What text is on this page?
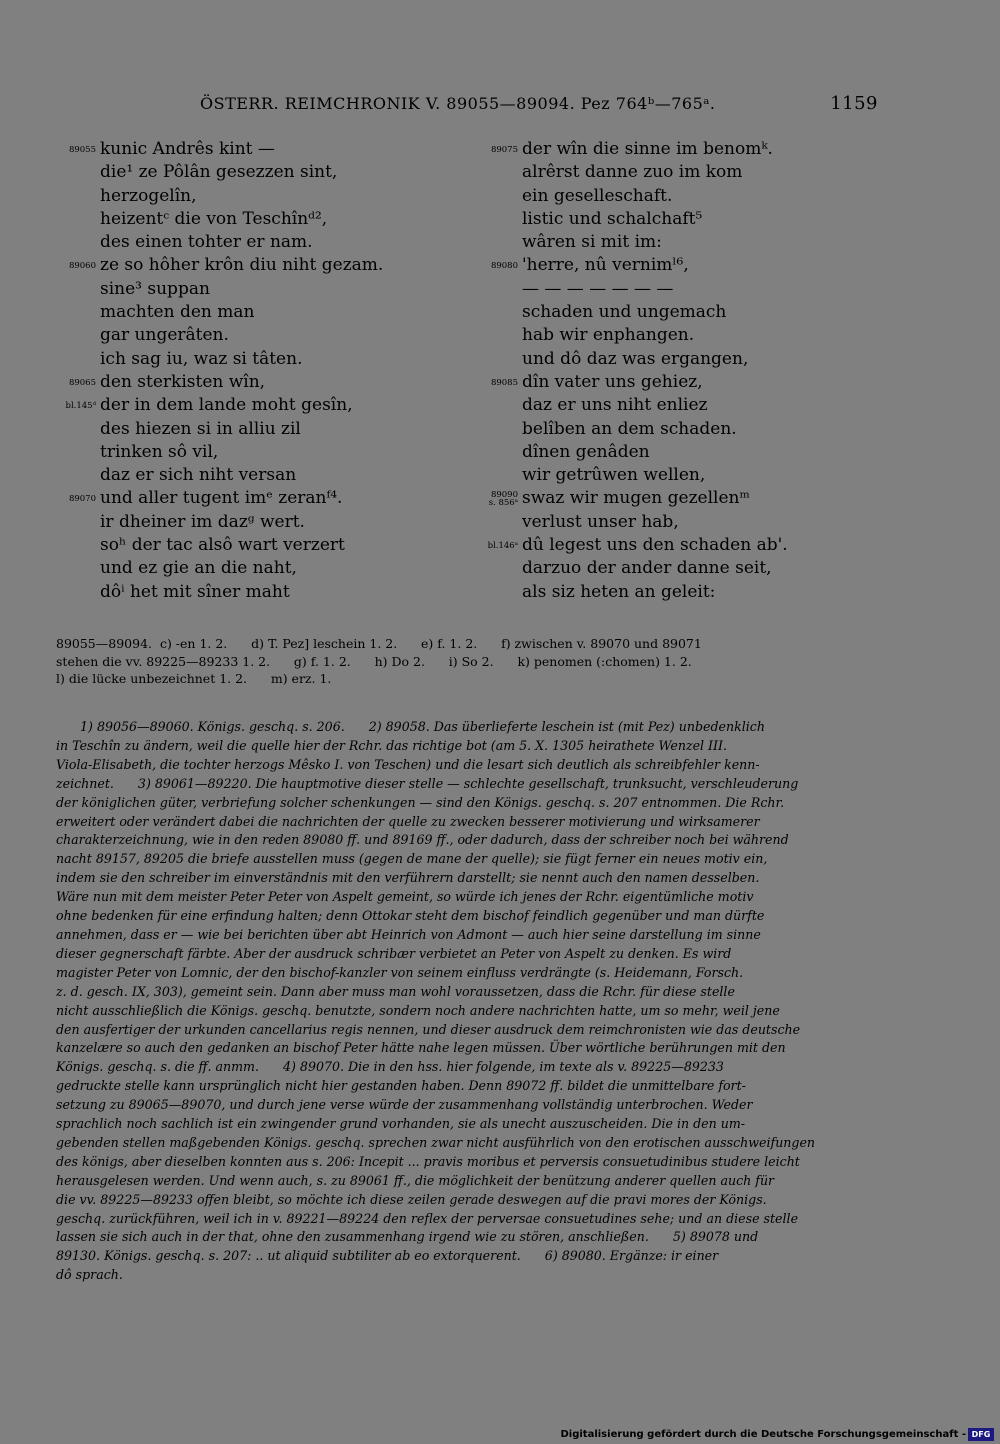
ÖSTERR. REIMCHRONIK V. 89055—89094. Pez 764ᵇ—765ᵃ.	1159
89055 kunic Andrês kint —
die¹ ze Pôlân gesezzen sint,
herzogelîn,
heizentᶜ die von Teschînᵈ²,
des einen tohter er nam.
89060 ze so hôher krôn diu niht gezam.
sine³ suppan
machten den man
gar ungerâten.
ich sag iu, waz si tâten.
89065 den sterkisten wîn,
bl.145ᵈ der in dem lande moht gesîn,
des hiezen si in alliu zil
trinken sô vil,
daz er sich niht versan
89070 und aller tugent imᵉ zeranᶠ⁴.
ir dheiner im dazᵍ wert.
soʰ der tac alsô wart verzert
und ez gie an die naht,
dôⁱ het mit sîner maht
89075 der wîn die sinne im benomᵏ.
alrêrst danne zuo im kom
ein geselleschaft.
listic und schalchaft⁵
wâren si mit im:
89080 'herre, nû vernimˡ⁶,
— — — — — — —
schaden und ungemach
hab wir enphangen.
und dô daz was ergangen,
89085 dîn vater uns gehiez,
daz er uns niht enliez
belîben an dem schaden.
dînen genâden
wir getrûwen wellen,
89090
s. 856ᵃ swaz wir mugen gezellenᵐ
verlust unser hab,
bl.146ᵃ dû legest uns den schaden ab'.
darzuo der ander danne seit,
als siz heten an geleit:

89055—89094.  c) -en 1. 2.      d) T. Pez] leschein 1. 2.      e) f. 1. 2.      f) zwischen v. 89070 und 89071

stehen die vv. 89225—89233 1. 2.      g) f. 1. 2.      h) Do 2.      i) So 2.      k) penomen (:chomen) 1. 2.

l) die lücke unbezeichnet 1. 2.      m) erz. 1.

1) 89056—89060. Königs. geschq. s. 206.      2) 89058. Das überlieferte leschein ist (mit Pez) unbedenklich

in Teschîn zu ändern, weil die quelle hier der Rchr. das richtige bot (am 5. X. 1305 heirathete Wenzel III.

Viola-Elisabeth, die tochter herzogs Mêsko I. von Teschen) und die lesart sich deutlich als schreibfehler kenn-

zeichnet.      3) 89061—89220. Die hauptmotive dieser stelle — schlechte gesellschaft, trunksucht, verschleuderung

der königlichen güter, verbriefung solcher schenkungen — sind den Königs. geschq. s. 207 entnommen. Die Rchr.

erweitert oder verändert dabei die nachrichten der quelle zu zwecken besserer motivierung und wirksamerer

charakterzeichnung, wie in den reden 89080 ff. und 89169 ff., oder dadurch, dass der schreiber noch bei während

nacht 89157, 89205 die briefe ausstellen muss (gegen de mane der quelle); sie fügt ferner ein neues motiv ein,

indem sie den schreiber im einverständnis mit den verführern darstellt; sie nennt auch den namen desselben.

Wäre nun mit dem meister Peter Peter von Aspelt gemeint, so würde ich jenes der Rchr. eigentümliche motiv

ohne bedenken für eine erfindung halten; denn Ottokar steht dem bischof feindlich gegenüber und man dürfte

annehmen, dass er — wie bei berichten über abt Heinrich von Admont — auch hier seine darstellung im sinne

dieser gegnerschaft färbte. Aber der ausdruck schribær verbietet an Peter von Aspelt zu denken. Es wird

magister Peter von Lomnic, der den bischof-kanzler von seinem einfluss verdrängte (s. Heidemann, Forsch.

z. d. gesch. IX, 303), gemeint sein. Dann aber muss man wohl voraussetzen, dass die Rchr. für diese stelle

nicht ausschließlich die Königs. geschq. benutzte, sondern noch andere nachrichten hatte, um so mehr, weil jene

den ausfertiger der urkunden cancellarius regis nennen, und dieser ausdruck dem reimchronisten wie das deutsche

kanzelære so auch den gedanken an bischof Peter hätte nahe legen müssen. Über wörtliche berührungen mit den

Königs. geschq. s. die ff. anmm.      4) 89070. Die in den hss. hier folgende, im texte als v. 89225—89233

gedruckte stelle kann ursprünglich nicht hier gestanden haben. Denn 89072 ff. bildet die unmittelbare fort-

setzung zu 89065—89070, und durch jene verse würde der zusammenhang vollständig unterbrochen. Weder

sprachlich noch sachlich ist ein zwingender grund vorhanden, sie als unecht auszuscheiden. Die in den um-

gebenden stellen maßgebenden Königs. geschq. sprechen zwar nicht ausführlich von den erotischen ausschweifungen

des königs, aber dieselben konnten aus s. 206: Incepit ... pravis moribus et perversis consuetudinibus studere leicht

herausgelesen werden. Und wenn auch, s. zu 89061 ff., die möglichkeit der benützung anderer quellen auch für

die vv. 89225—89233 offen bleibt, so möchte ich diese zeilen gerade deswegen auf die pravi mores der Königs.

geschq. zurückführen, weil ich in v. 89221—89224 den reflex der perversae consuetudines sehe; und an diese stelle

lassen sie sich auch in der that, ohne den zusammenhang irgend wie zu stören, anschließen.      5) 89078 und

89130. Königs. geschq. s. 207: .. ut aliquid subtiliter ab eo extorquerent.      6) 89080. Ergänze: ir einer

dô sprach.

Digitalisierung gefördert durch die Deutsche Forschungsgemeinschaft - DFG
